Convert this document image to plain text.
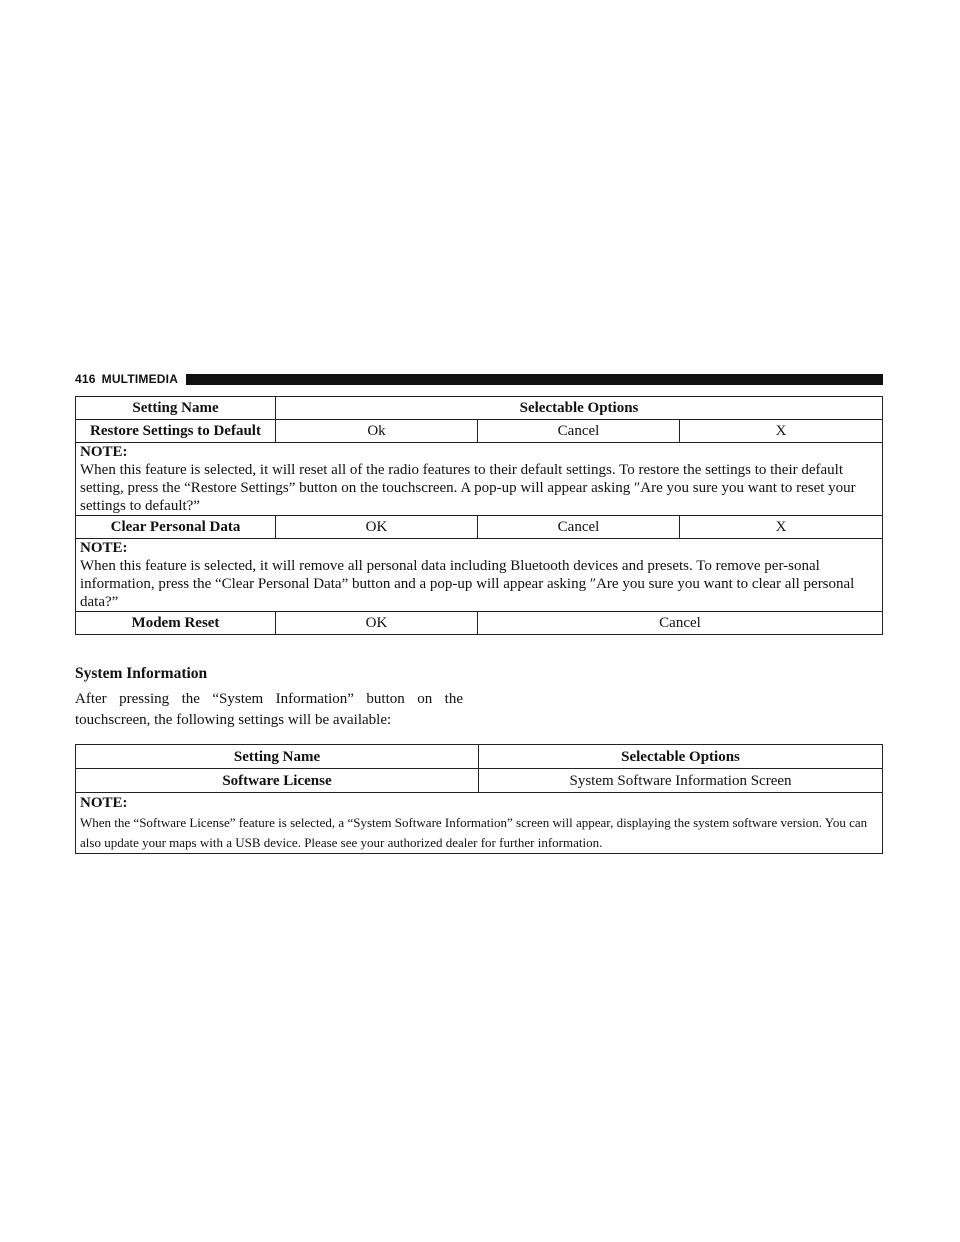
416 MULTIMEDIA
Setting Name	Selectable Options		
Restore Settings to Default	Ok	Cancel	X

NOTE:
When this feature is selected, it will reset all of the radio features to their default settings. To restore the settings to their default setting, press the “Restore Settings” button on the touchscreen. A pop-up will appear asking ″Are you sure you want to reset your settings to default?”			
Clear Personal Data	OK	Cancel	X

NOTE:
When this feature is selected, it will remove all personal data including Bluetooth devices and presets. To remove per-sonal information, press the “Clear Personal Data” button and a pop-up will appear asking ″Are you sure you want to clear all personal data?”			
Modem Reset	OK	Cancel	
System Information
After pressing the “System Information” button on the touchscreen, the following settings will be available:
Setting Name	Selectable Options
Software License	System Software Information Screen

NOTE:
When the “Software License” feature is selected, a “System Software Information” screen will appear, displaying the system software version. You can also update your maps with a USB device. Please see your authorized dealer for further information.	
